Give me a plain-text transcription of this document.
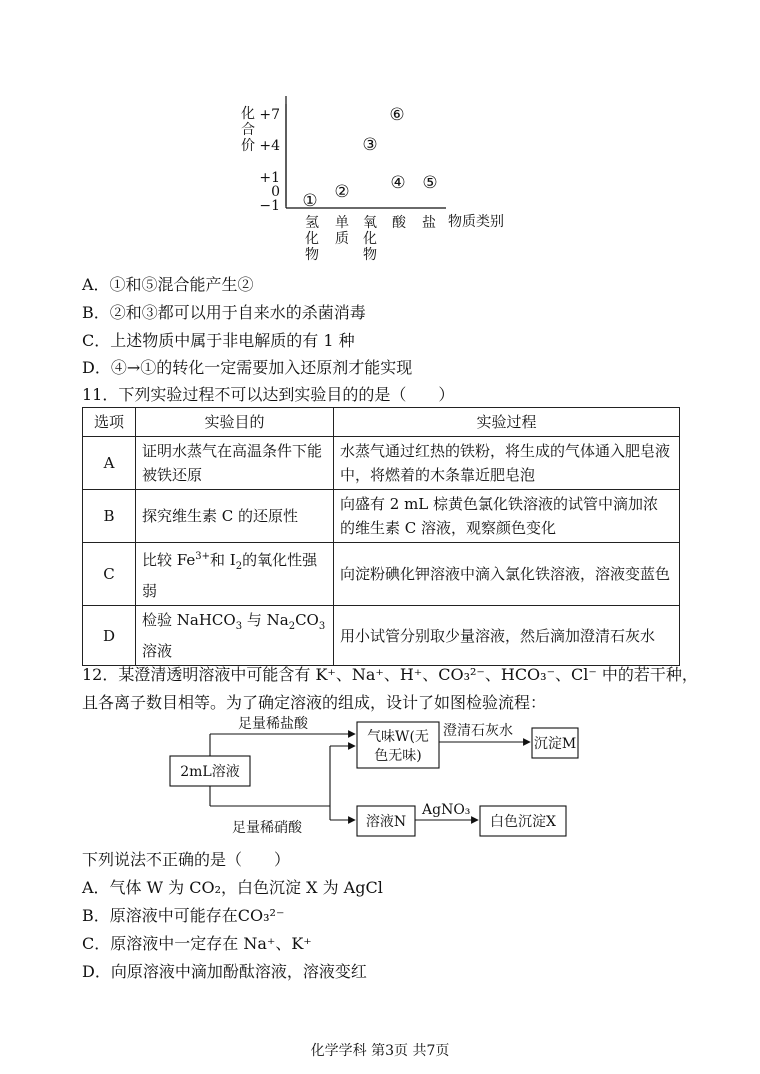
化
合
价
+7
+4
+1
0
−1 ① ②
③
④ ⑤
⑥
氢
化
物
单
质
氧
化
物
酸 盐 物质类别
A．①和⑤混合能产生②
B．②和③都可以用于自来水的杀菌消毒
C．上述物质中属于非电解质的有 1 种
D．④→①的转化一定需要加入还原剂才能实现
11．下列实验过程不可以达到实验目的的是（　　）
选项	实验目的	实验过程
A	证明水蒸气在高温条件下能被铁还原	水蒸气通过红热的铁粉，将生成的气体通入肥皂液中，将燃着的木条靠近肥皂泡
B	探究维生素 C 的还原性	向盛有 2 mL 棕黄色氯化铁溶液的试管中滴加浓的维生素 C 溶液，观察颜色变化
C	比较 $Fe^{3+}$和 $I_2$的氧化性强弱	向淀粉碘化钾溶液中滴入氯化铁溶液，溶液变蓝色
D	检验 NaHCO$_3$ 与 $Na_2CO_3$ 溶液	用小试管分别取少量溶液，然后滴加澄清石灰水
12．某澄清透明溶液中可能含有 K⁺、Na⁺、H⁺、CO₃²⁻、HCO₃⁻、Cl⁻ 中的若干种，
且各离子数目相等。为了确定溶液的组成，设计了如图检验流程：
2mL溶液
足量稀盐酸
足量稀硝酸
气味W(无
色无味)
澄清石灰水
沉淀M
溶液N
AgNO₃
白色沉淀X
下列说法不正确的是（　　）
A．气体 W 为 CO₂，白色沉淀 X 为 AgCl
B．原溶液中可能存在CO₃²⁻
C．原溶液中一定存在 Na⁺、K⁺
D．向原溶液中滴加酚酞溶液，溶液变红
化学学科 第3页 共7页
